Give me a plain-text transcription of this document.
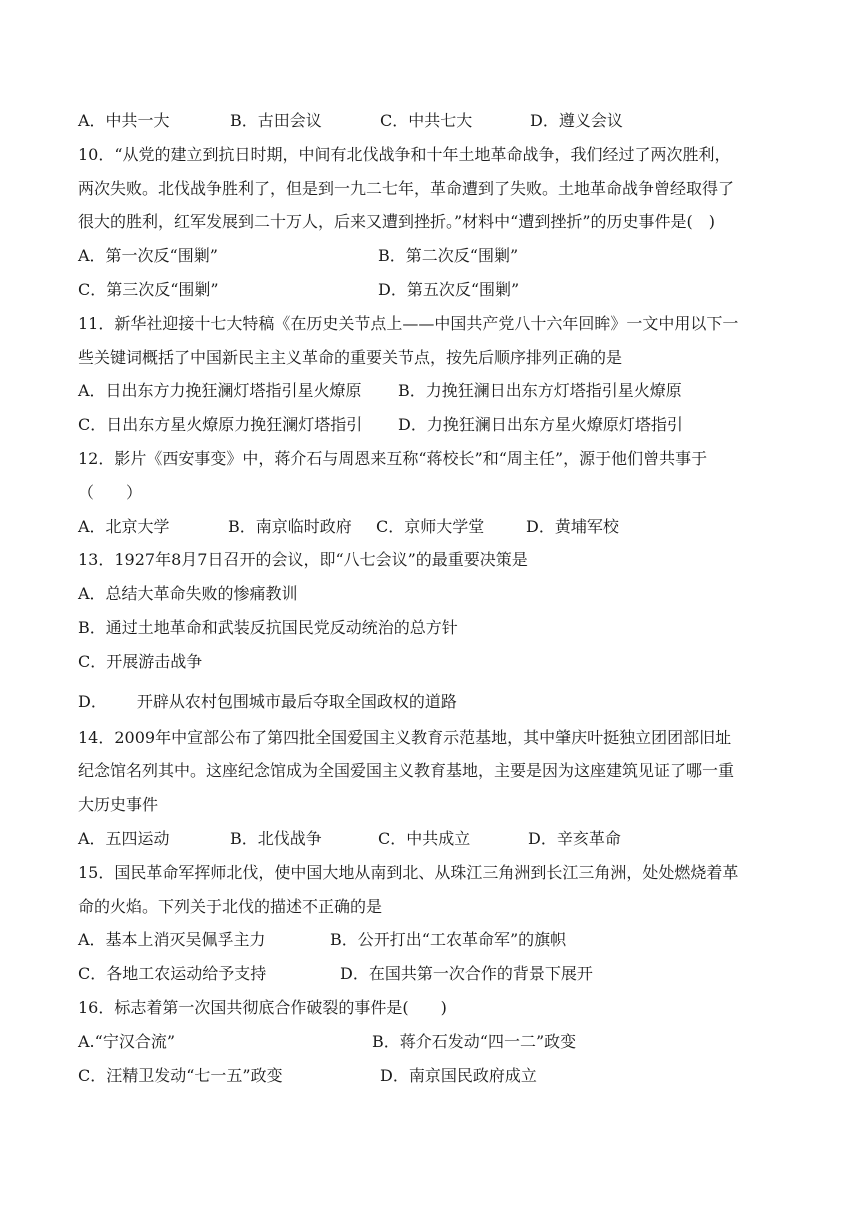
A．中共一大	B．古田会议	C．中共七大	D．遵义会议
10．“从党的建立到抗日时期，中间有北伐战争和十年土地革命战争，我们经过了两次胜利，
两次失败。北伐战争胜利了，但是到一九二七年，革命遭到了失败。土地革命战争曾经取得了
很大的胜利，红军发展到二十万人，后来又遭到挫折。”材料中“遭到挫折”的历史事件是(　)
A．第一次反“围剿”	B．第二次反“围剿”
C．第三次反“围剿”	D．第五次反“围剿”
11．新华社迎接十七大特稿《在历史关节点上——中国共产党八十六年回眸》一文中用以下一
些关键词概括了中国新民主主义革命的重要关节点，按先后顺序排列正确的是
A．日出东方力挽狂澜灯塔指引星火燎原	B．力挽狂澜日出东方灯塔指引星火燎原
C．日出东方星火燎原力挽狂澜灯塔指引	D．力挽狂澜日出东方星火燎原灯塔指引
12．影片《西安事变》中，蒋介石与周恩来互称“蒋校长”和“周主任”，源于他们曾共事于
（　　）
A．北京大学	B．南京临时政府	C．京师大学堂	D．黄埔军校
13．1927年8月7日召开的会议，即“八七会议”的最重要决策是
A．总结大革命失败的惨痛教训
B．通过土地革命和武装反抗国民党反动统治的总方针
C．开展游击战争
D． 开辟从农村包围城市最后夺取全国政权的道路
14．2009年中宣部公布了第四批全国爱国主义教育示范基地，其中肇庆叶挺独立团团部旧址
纪念馆名列其中。这座纪念馆成为全国爱国主义教育基地，主要是因为这座建筑见证了哪一重
大历史事件
A．五四运动	B．北伐战争	C．中共成立	D．辛亥革命
15．国民革命军挥师北伐，使中国大地从南到北、从珠江三角洲到长江三角洲，处处燃烧着革
命的火焰。下列关于北伐的描述不正确的是
A．基本上消灭吴佩孚主力	B．公开打出“工农革命军”的旗帜
C．各地工农运动给予支持	D．在国共第一次合作的背景下展开
16．标志着第一次国共彻底合作破裂的事件是(　　)
A.“宁汉合流”	B．蒋介石发动“四一二”政变
C．汪精卫发动“七一五”政变	D．南京国民政府成立
